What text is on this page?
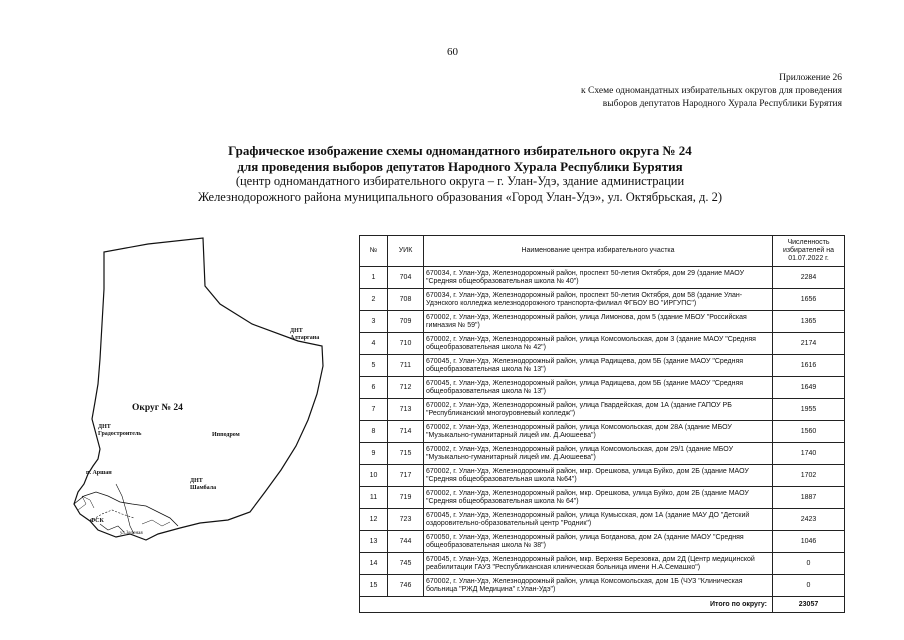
60
Приложение 26
к Схеме одномандатных избирательных округов для проведения
выборов депутатов Народного Хурала Республики Бурятия
Графическое изображение схемы одномандатного избирательного округа № 24
для проведения выборов депутатов Народного Хурала Республики Бурятия
(центр одномандатного избирательного округа – г. Улан-Удэ, здание администрации
Железнодорожного района муниципального образования «Город Улан-Удэ», ул. Октябрьская, д. 2)
Округ № 24
ДНТ
Алтаргана
ДНТ
Градостроитель	Ипподром
п. Аршан
ДНТ
Шамбала
ФСК
ул.Зеленая
№	УИК	Наименование центра избирательного участка	Численность избирателей на 01.07.2022 г.
1	704	670034, г. Улан-Удэ, Железнодорожный район, проспект 50-летия Октября, дом 29 (здание МАОУ "Средняя общеобразовательная школа № 40")	2284
2	708	670034, г. Улан-Удэ, Железнодорожный район, проспект 50-летия Октября, дом 58 (здание Улан-Удэнского колледжа железнодорожного транспорта-филиал ФГБОУ ВО "ИРГУПС")	1656
3	709	670002, г. Улан-Удэ, Железнодорожный район, улица Лимонова, дом 5 (здание МБОУ "Российская гимназия № 59")	1365
4	710	670002, г. Улан-Удэ, Железнодорожный район, улица Комсомольская, дом 3 (здание МАОУ "Средняя общеобразовательная школа № 42")	2174
5	711	670045, г. Улан-Удэ, Железнодорожный район, улица Радищева, дом 5Б (здание МАОУ "Средняя общеобразовательная школа № 13")	1616
6	712	670045, г. Улан-Удэ, Железнодорожный район, улица Радищева, дом 5Б (здание МАОУ "Средняя общеобразовательная школа № 13")	1649
7	713	670002, г. Улан-Удэ, Железнодорожный район, улица Гвардейская, дом 1А (здание ГАПОУ РБ "Республиканский многоуровневый колледж")	1955
8	714	670002, г. Улан-Удэ, Железнодорожный район, улица Комсомольская, дом 28А (здание МБОУ "Музыкально-гуманитарный лицей им. Д.Аюшеева")	1560
9	715	670002, г. Улан-Удэ, Железнодорожный район, улица Комсомольская, дом 29/1 (здание МБОУ "Музыкально-гуманитарный лицей им. Д.Аюшеева")	1740
10	717	670002, г. Улан-Удэ, Железнодорожный район, мкр. Орешкова, улица Буйко, дом 2Б (здание МАОУ "Средняя общеобразовательная школа №64")	1702
11	719	670002, г. Улан-Удэ, Железнодорожный район, мкр. Орешкова, улица Буйко, дом 2Б (здание МАОУ "Средняя общеобразовательная школа № 64")	1887
12	723	670045, г. Улан-Удэ, Железнодорожный район, улица Кумысская, дом 1А (здание МАУ ДО "Детский оздоровительно-образовательный центр "Родник")	2423
13	744	670050, г. Улан-Удэ, Железнодорожный район, улица Богданова, дом 2А (здание МАОУ "Средняя общеобразовательная школа № 38")	1046
14	745	670045, г. Улан-Удэ, Железнодорожный район, мкр. Верхняя Березовка, дом 2Д (Центр медицинской реабилитации ГАУЗ "Республиканская клиническая больница имени Н.А.Семашко")	0
15	746	670002, г. Улан-Удэ, Железнодорожный район, улица Комсомольская, дом 1Б (ЧУЗ "Клиническая больница "РЖД Медицина" г.Улан-Удэ")	0
Итого по округу:			23057
